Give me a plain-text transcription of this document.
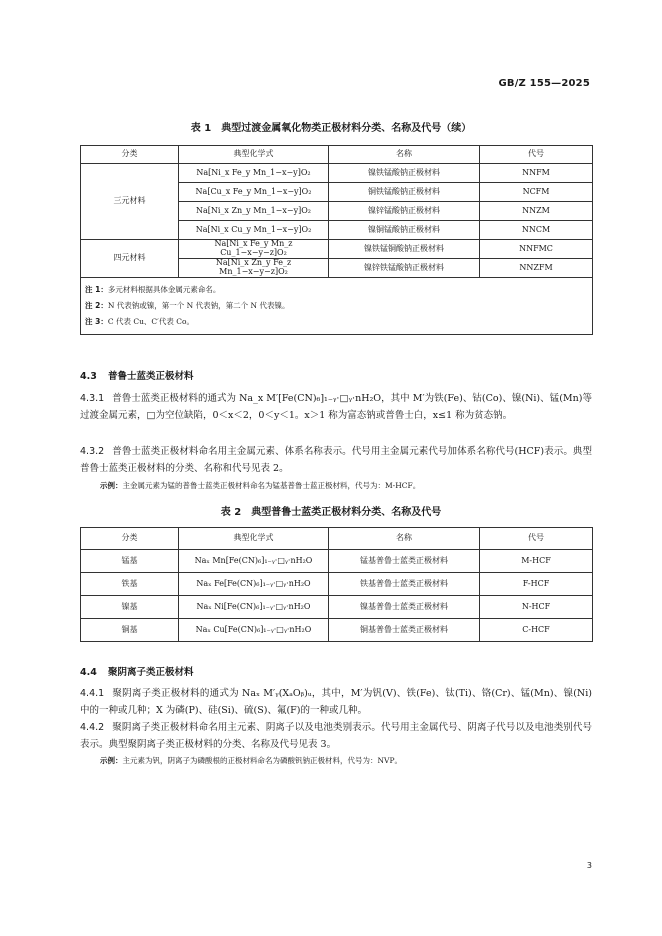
GB/Z 155—2025
表 1　典型过渡金属氧化物类正极材料分类、名称及代号（续）
分类	典型化学式	名称	代号
三元材料	Na[Ni_x Fe_y Mn_1−x−y]O₂	镍铁锰酸钠正极材料	NNFM
	Na[Cu_x Fe_y Mn_1−x−y]O₂	铜铁锰酸钠正极材料	NCFM
	Na[Ni_x Zn_y Mn_1−x−y]O₂	镍锌锰酸钠正极材料	NNZM
	Na[Ni_x Cu_y Mn_1−x−y]O₂	镍铜锰酸钠正极材料	NNCM
四元材料	Na[Ni_x Fe_y Mn_z Cu_1−x−y−z]O₂	镍铁锰铜酸钠正极材料	NNFMC
	Na[Ni_x Zn_y Fe_z Mn_1−x−y−z]O₂	镍锌铁锰酸钠正极材料	NNZFM

注 1：多元材料根据具体金属元素命名。
注 2：N 代表钠或镍，第一个 N 代表钠，第二个 N 代表镍。
注 3：C 代表 Cu、C′代表 Co。			
4.3 普鲁士蓝类正极材料
4.3.1 普鲁士蓝类正极材料的通式为 Na_x M′[Fe(CN)₆]₁₋ᵧ·□ᵧ·nH₂O，其中 M′为铁(Fe)、钴(Co)、镍(Ni)、锰(Mn)等过渡金属元素，□为空位缺陷，0＜x＜2，0＜y＜1。x＞1 称为富态钠或普鲁士白，x≤1 称为贫态钠。
4.3.2 普鲁士蓝类正极材料命名用主金属元素、体系名称表示。代号用主金属元素代号加体系名称代号(HCF)表示。典型普鲁士蓝类正极材料的分类、名称和代号见表 2。
示例：主金属元素为锰的普鲁士蓝类正极材料命名为锰基普鲁士蓝正极材料，代号为：M-HCF。
表 2　典型普鲁士蓝类正极材料分类、名称及代号
分类	典型化学式	名称	代号
锰基	Naₓ Mn[Fe(CN)₆]₁₋ᵧ·□ᵧ·nH₂O	锰基普鲁士蓝类正极材料	M-HCF
铁基	Naₓ Fe[Fe(CN)₆]₁₋ᵧ·□ᵧ·nH₂O	铁基普鲁士蓝类正极材料	F-HCF
镍基	Naₓ Ni[Fe(CN)₆]₁₋ᵧ·□ᵧ·nH₂O	镍基普鲁士蓝类正极材料	N-HCF
铜基	Naₓ Cu[Fe(CN)₆]₁₋ᵧ·□ᵧ·nH₂O	铜基普鲁士蓝类正极材料	C-HCF
4.4 聚阴离子类正极材料
4.4.1 聚阴离子类正极材料的通式为 Naₓ M′ᵧ(XₐOᵦ)ᵤ，其中，M′为钒(V)、铁(Fe)、钛(Ti)、铬(Cr)、锰(Mn)、镍(Ni)中的一种或几种；X 为磷(P)、硅(Si)、硫(S)、氟(F)的一种或几种。
4.4.2 聚阴离子类正极材料命名用主元素、阴离子以及电池类别表示。代号用主金属代号、阴离子代号以及电池类别代号表示。典型聚阴离子类正极材料的分类、名称及代号见表 3。
示例：主元素为钒，阴离子为磷酸根的正极材料命名为磷酸钒钠正极材料，代号为：NVP。
3
